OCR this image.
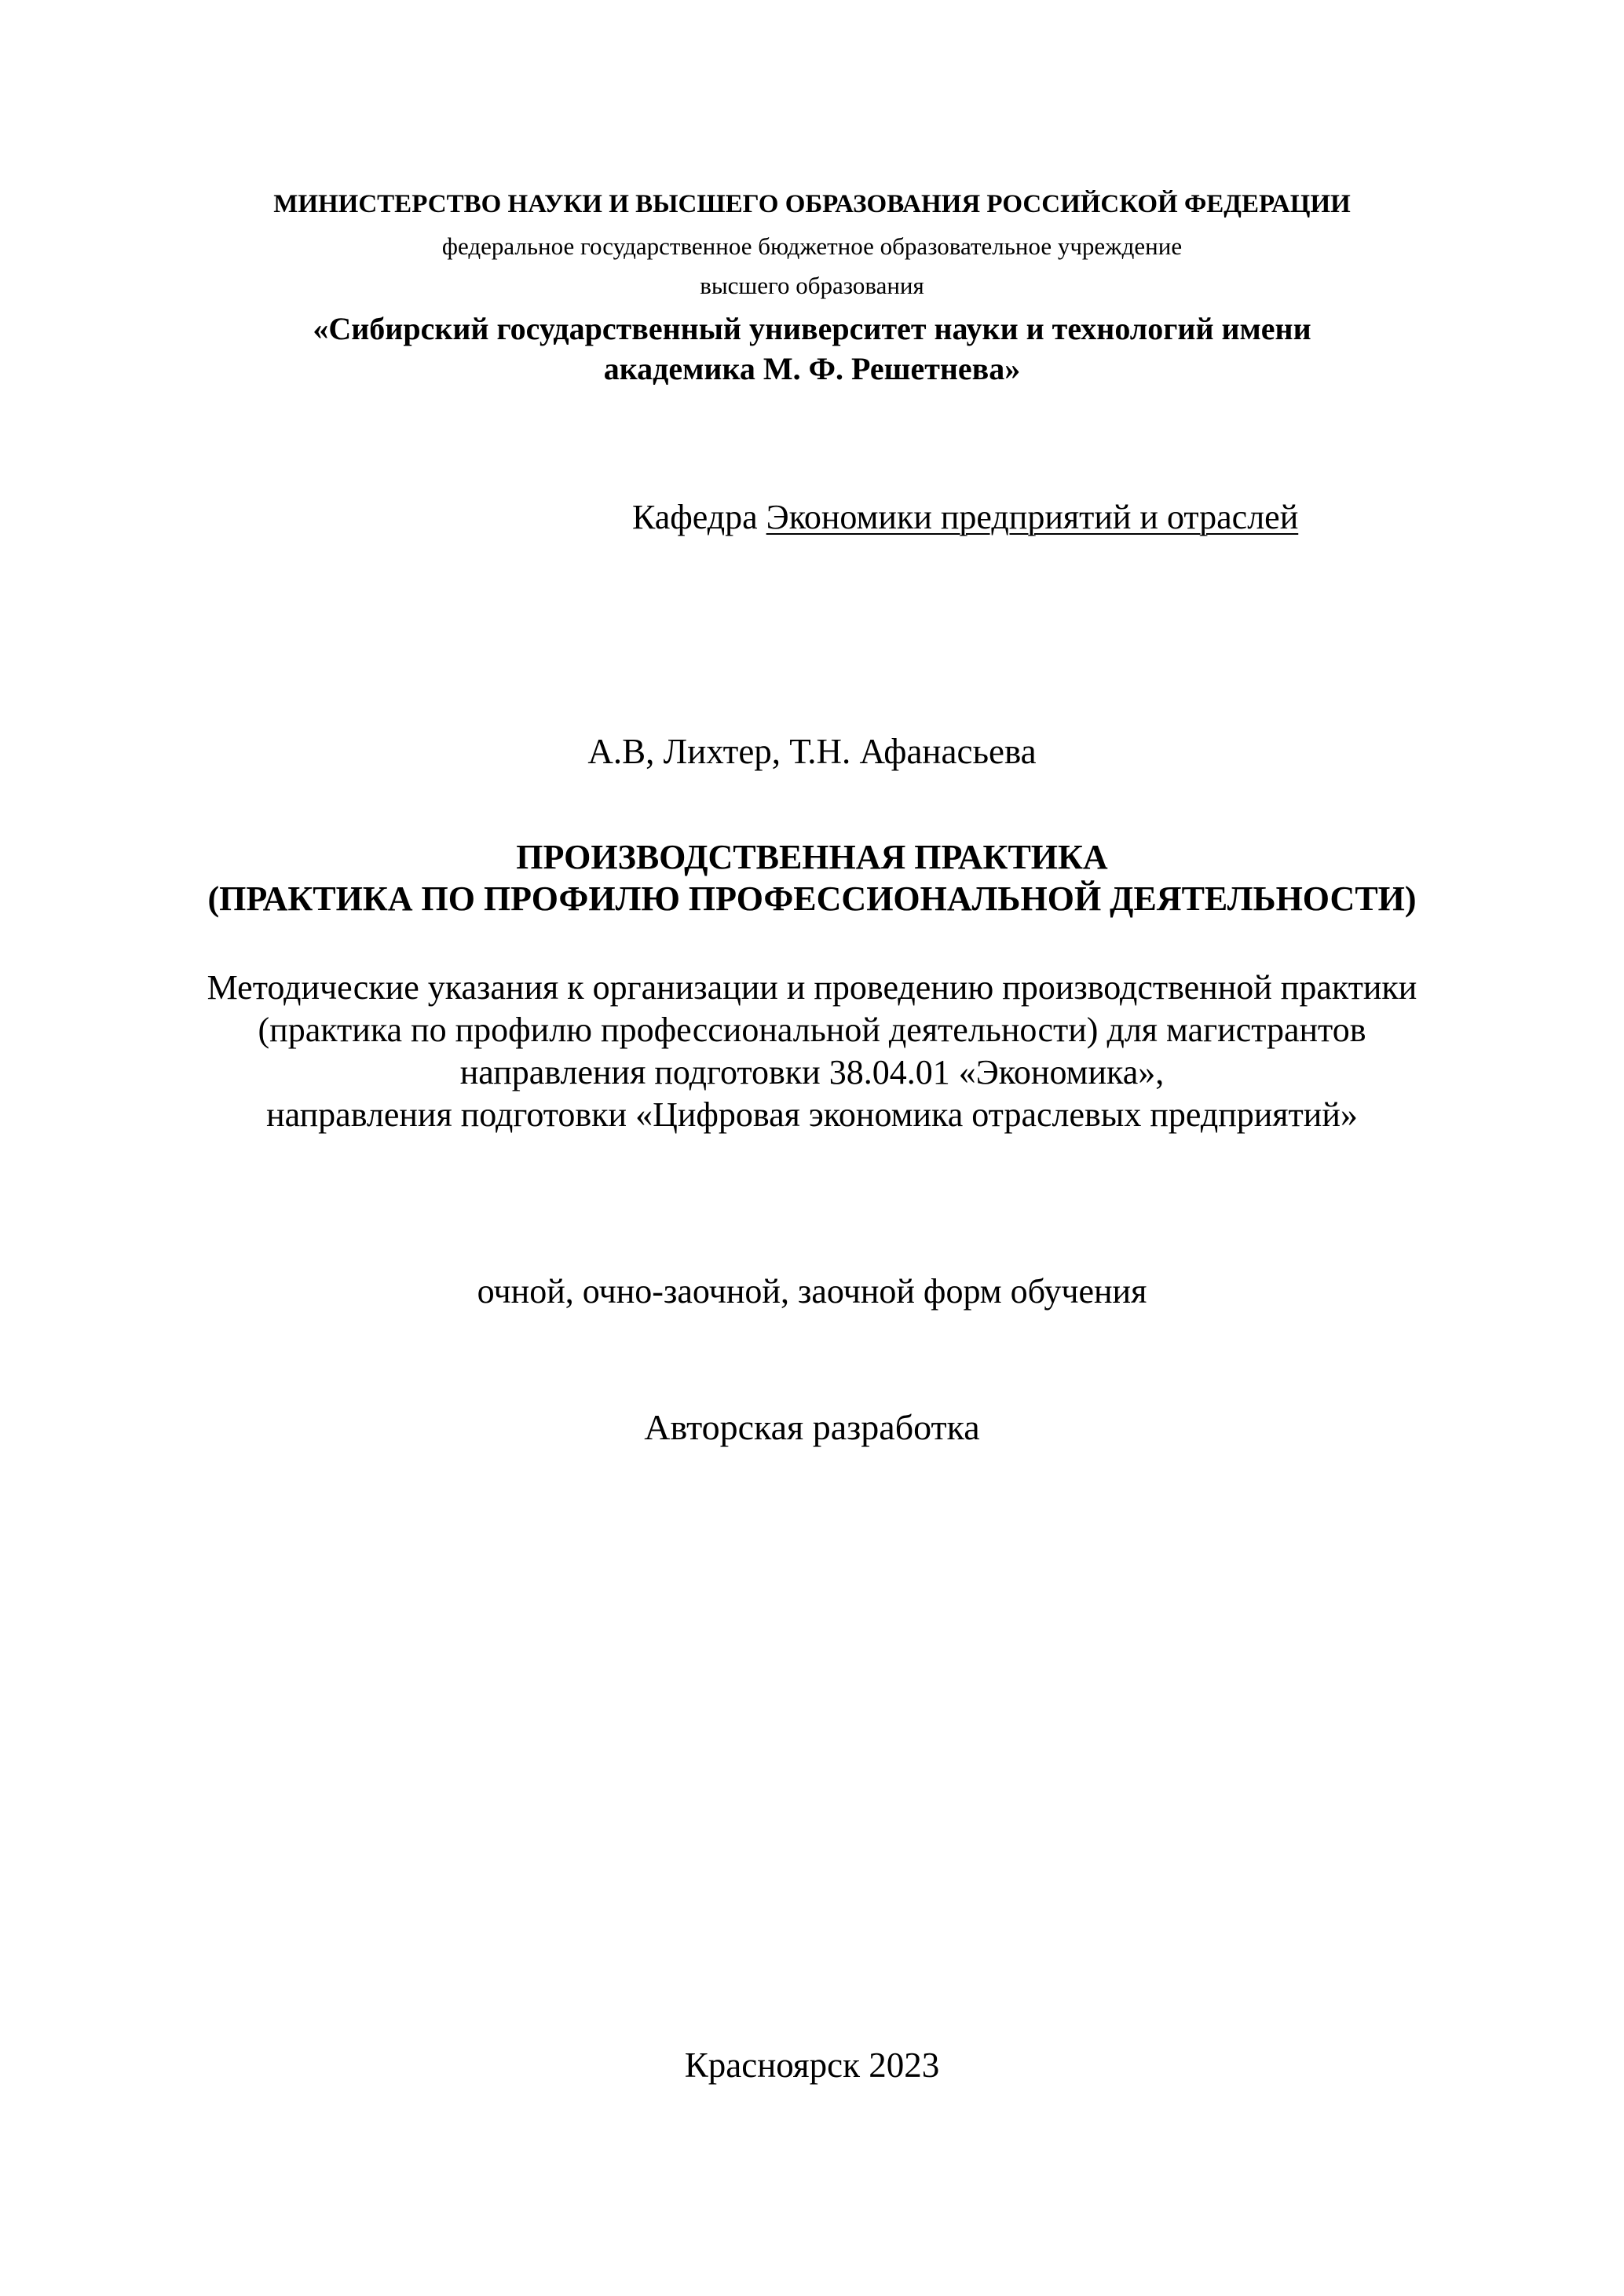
МИНИСТЕРСТВО НАУКИ И ВЫСШЕГО ОБРАЗОВАНИЯ РОССИЙСКОЙ ФЕДЕРАЦИИ
федеральное государственное бюджетное образовательное учреждение
высшего образования
«Сибирский государственный университет науки и технологий имени
академика М. Ф. Решетнева»
Кафедра Экономики предприятий и отраслей
А.В, Лихтер, Т.Н. Афанасьева
ПРОИЗВОДСТВЕННАЯ ПРАКТИКА
(ПРАКТИКА ПО ПРОФИЛЮ ПРОФЕССИОНАЛЬНОЙ ДЕЯТЕЛЬНОСТИ)
Методические указания к организации и проведению производственной практики
(практика по профилю профессиональной деятельности) для магистрантов
направления подготовки 38.04.01 «Экономика»,
направления подготовки «Цифровая экономика отраслевых предприятий»
очной, очно-заочной, заочной форм обучения
Авторская разработка
Красноярск 2023
